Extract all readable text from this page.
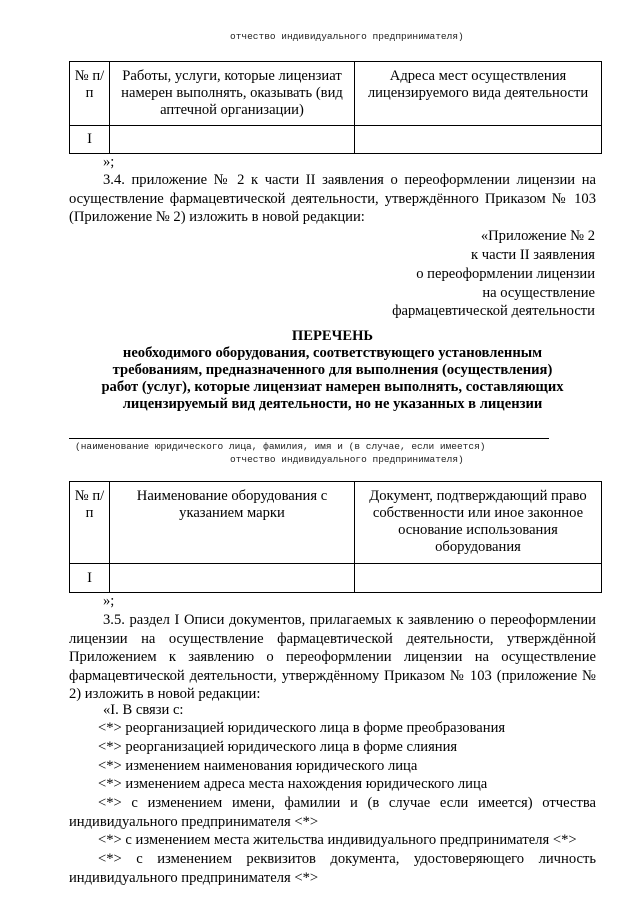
отчество индивидуального предпринимателя)
№ п/п	Работы, услуги, которые лицензиат намерен выполнять, оказывать (вид аптечной организации)	Адреса мест осуществления лицензируемого вида деятельности
I		
»;
3.4. приложение № 2 к части II заявления о переоформлении лицензии на осуществление фармацевтической деятельности, утверждённого Приказом № 103 (Приложение № 2) изложить в новой редакции:
«Приложение № 2
к части II заявления
о переоформлении лицензии
на осуществление
фармацевтической деятельности
ПЕРЕЧЕНЬ
необходимого оборудования, соответствующего установленным требованиям, предназначенного для выполнения (осуществления) работ (услуг), которые лицензиат намерен выполнять, составляющих лицензируемый вид деятельности, но не указанных в лицензии
(наименование юридического лица, фамилия, имя и (в случае, если имеется)
отчество индивидуального предпринимателя)
№ п/п	Наименование оборудования с указанием марки	Документ, подтверждающий право собственности или иное законное основание использования оборудования
I		
»;
3.5. раздел I Описи документов, прилагаемых к заявлению о переоформлении лицензии на осуществление фармацевтической деятельности, утверждённой Приложением к заявлению о переоформлении лицензии на осуществление фармацевтической деятельности, утверждённому Приказом № 103 (приложение № 2) изложить в новой редакции:
«I. В связи с:
<*> реорганизацией юридического лица в форме преобразования
<*> реорганизацией юридического лица в форме слияния
<*> изменением наименования юридического лица
<*> изменением адреса места нахождения юридического лица
<*> с изменением имени, фамилии и (в случае если имеется) отчества индивидуального предпринимателя <*>
<*> с изменением места жительства индивидуального предпринимателя <*>
<*> с изменением реквизитов документа, удостоверяющего личность индивидуального предпринимателя <*>
